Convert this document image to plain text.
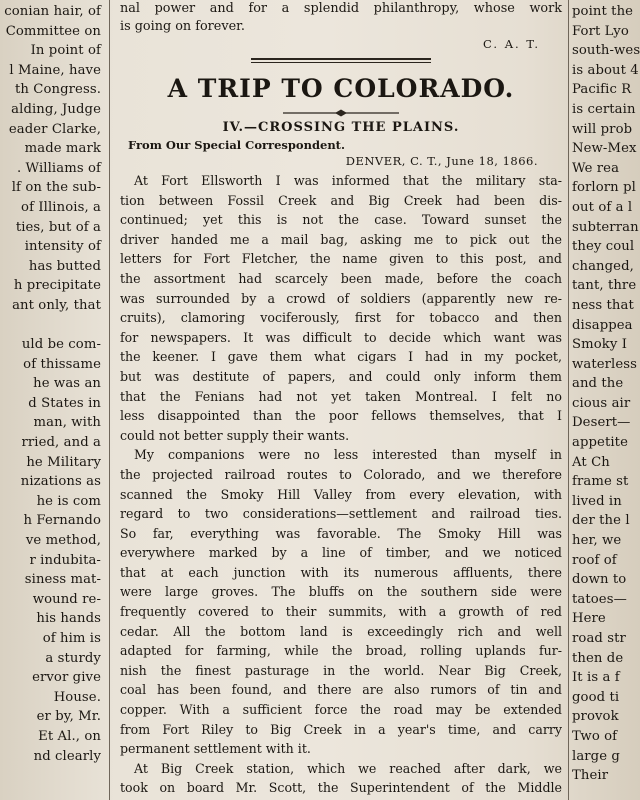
conian hair, of
Committee on
In point of
l Maine, have
th Congress.
alding, Judge
eader Clarke,
made mark
. Williams of
lf on the sub-
of Illinois, a
ties, but of a
intensity of
has butted
h precipitate
ant only, that

uld be com-
of thissame
he was an
d States in
man, with
rried, and a
he Military
nizations as
he is com
h Fernando
ve method,
r indubita-
siness mat-
wound re-
his hands
of him is
a sturdy
ervor give
House.
er by, Mr.
Et Al., on
nd clearly
nal power and for a splendid philanthropy, whose work
is going on forever.
C. A. T.
A TRIP TO COLORADO.
IV.—CROSSING THE PLAINS.
From Our Special Correspondent.
DENVER, C. T., June 18, 1866.
At Fort Ellsworth I was informed that the military sta-
tion between Fossil Creek and Big Creek had been dis-
continued; yet this is not the case. Toward sunset the
driver handed me a mail bag, asking me to pick out the
letters for Fort Fletcher, the name given to this post, and
the assortment had scarcely been made, before the coach
was surrounded by a crowd of soldiers (apparently new re-
cruits), clamoring vociferously, first for tobacco and then
for newspapers. It was difficult to decide which want was
the keener. I gave them what cigars I had in my pocket,
but was destitute of papers, and could only inform them
that the Fenians had not yet taken Montreal. I felt no
less disappointed than the poor fellows themselves, that I
could not better supply their wants.
My companions were no less interested than myself in
the projected railroad routes to Colorado, and we therefore
scanned the Smoky Hill Valley from every elevation, with
regard to two considerations—settlement and railroad ties.
So far, everything was favorable. The Smoky Hill was
everywhere marked by a line of timber, and we noticed
that at each junction with its numerous affluents, there
were large groves. The bluffs on the southern side were
frequently covered to their summits, with a growth of red
cedar. All the bottom land is exceedingly rich and well
adapted for farming, while the broad, rolling uplands fur-
nish the finest pasturage in the world. Near Big Creek,
coal has been found, and there are also rumors of tin and
copper. With a sufficient force the road may be extended
from Fort Riley to Big Creek in a year's time, and carry
permanent settlement with it.
At Big Creek station, which we reached after dark, we
took on board Mr. Scott, the Superintendent of the Middle
point the
Fort Lyo
south-wes
is about 4
Pacific R
is certain
will prob
New-Mex
We rea
forlorn pl
out of a l
subterran
they coul
changed,
tant, thre
ness that
disappea
Smoky I
waterless
and the
cious air
Desert—
appetite
At Ch
frame st
lived in
der the l
her, we
roof of
down to
tatoes—
Here
road str
then de
It is a f
good ti
provok
Two of
large g
Their
